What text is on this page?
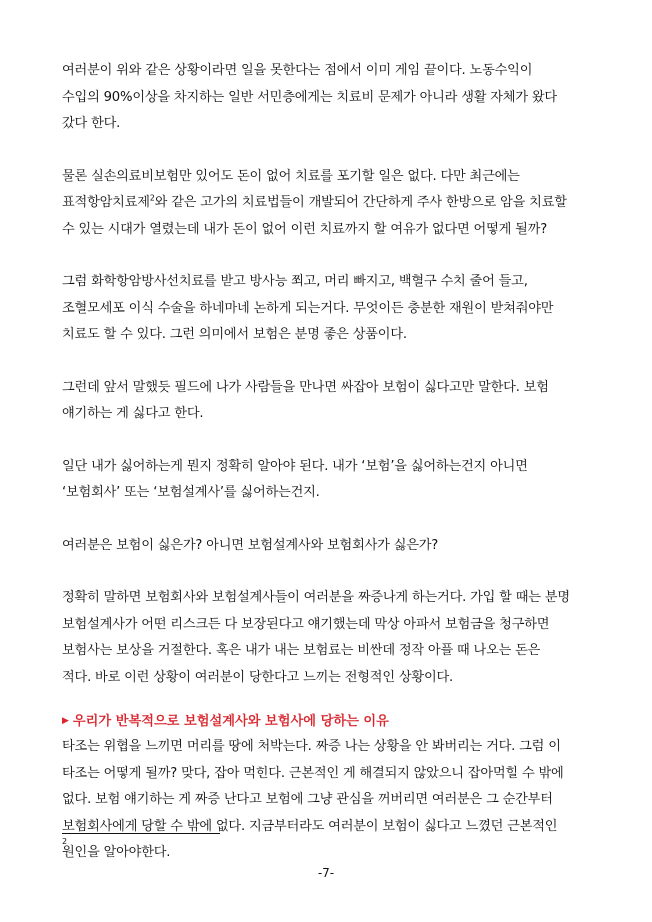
여러분이 위와 같은 상황이라면 일을 못한다는 점에서 이미 게임 끝이다. 노동수익이
수입의 90%이상을 차지하는 일반 서민층에게는 치료비 문제가 아니라 생활 자체가 왔다
갔다 한다.

물론 실손의료비보험만 있어도 돈이 없어 치료를 포기할 일은 없다. 다만 최근에는
표적항암치료제$^2$와 같은 고가의 치료법들이 개발되어 간단하게 주사 한방으로 암을 치료할
수 있는 시대가 열렸는데 내가 돈이 없어 이런 치료까지 할 여유가 없다면 어떻게 될까?

그럼 화학항암방사선치료를 받고 방사능 쬐고, 머리 빠지고, 백혈구 수치 줄어 들고,
조혈모세포 이식 수술을 하네마네 논하게 되는거다. 무엇이든 충분한 재원이 받쳐줘야만
치료도 할 수 있다. 그런 의미에서 보험은 분명 좋은 상품이다.

그런데 앞서 말했듯 필드에 나가 사람들을 만나면 싸잡아 보험이 싫다고만 말한다. 보험
얘기하는 게 싫다고 한다.

일단 내가 싫어하는게 뭔지 정확히 알아야 된다. 내가 ‘보험’을 싫어하는건지 아니면
‘보험회사’ 또는 ‘보험설계사’를 싫어하는건지.

여러분은 보험이 싫은가? 아니면 보험설계사와 보험회사가 싫은가?

정확히 말하면 보험회사와 보험설계사들이 여러분을 짜증나게 하는거다. 가입 할 때는 분명
보험설계사가 어떤 리스크든 다 보장된다고 얘기했는데 막상 아파서 보험금을 청구하면
보험사는 보상을 거절한다. 혹은 내가 내는 보험료는 비싼데 정작 아플 때 나오는 돈은
적다. 바로 이런 상황이 여러분이 당한다고 느끼는 전형적인 상황이다.

▶ 우리가 반복적으로 보험설계사와 보험사에 당하는 이유

타조는 위협을 느끼면 머리를 땅에 처박는다. 짜증 나는 상황을 안 봐버리는 거다. 그럼 이
타조는 어떻게 될까? 맞다, 잡아 먹힌다. 근본적인 게 해결되지 않았으니 잡아먹힐 수 밖에
없다. 보험 얘기하는 게 짜증 난다고 보험에 그냥 관심을 꺼버리면 여러분은 그 순간부터
보험회사에게 당할 수 밖에 없다. 지금부터라도 여러분이 보험이 싫다고 느꼈던 근본적인
원인을 알아야한다.

2
-7-
